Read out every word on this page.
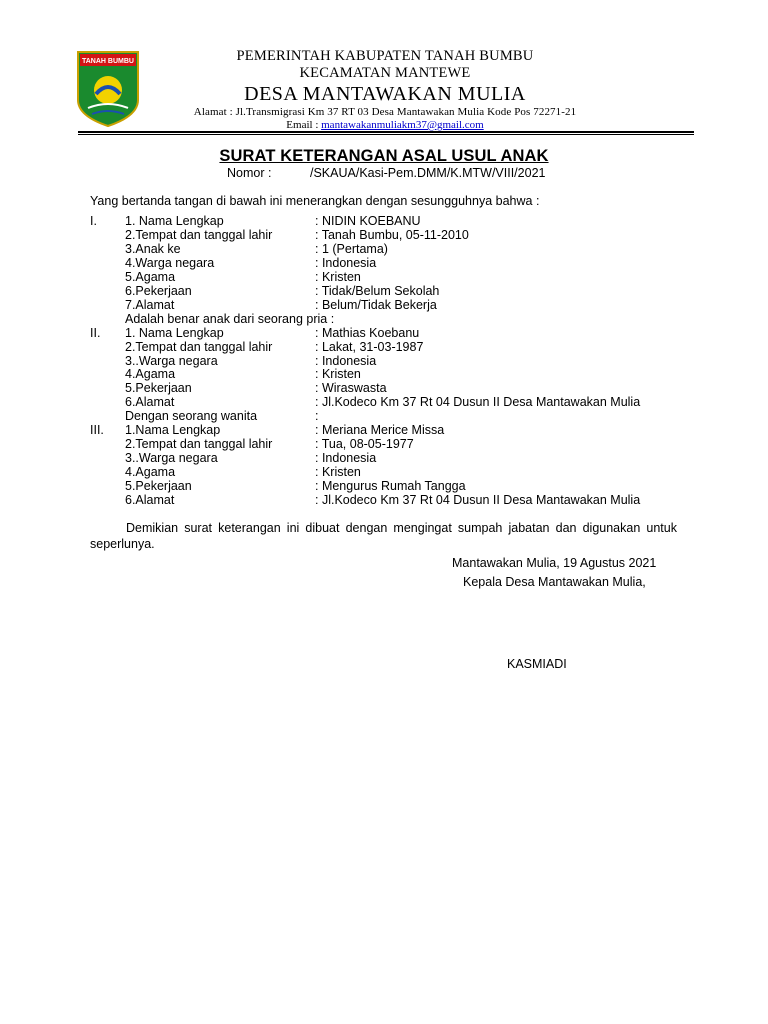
TANAH BUMBU	PEMERINTAH KABUPATEN TANAH BUMBU
KECAMATAN MANTEWE
DESA MANTAWAKAN MULIA
Alamat : Jl.Transmigrasi Km 37 RT 03 Desa Mantawakan Mulia Kode Pos 72271-21
Email : mantawakanmuliakm37@gmail.com
SURAT KETERANGAN ASAL USUL ANAK
Nomor :	/SKAUA/Kasi-Pem.DMM/K.MTW/VIII/2021
Yang bertanda tangan di bawah ini menerangkan dengan sesungguhnya bahwa :
I. 1. Nama Lengkap	: NIDIN KOEBANU
2.Tempat dan tanggal lahir	: Tanah Bumbu, 05-11-2010
3.Anak ke	: 1 (Pertama)
4.Warga negara	: Indonesia
5.Agama	: Kristen
6.Pekerjaan	: Tidak/Belum Sekolah
7.Alamat	: Belum/Tidak Bekerja
Adalah benar anak dari seorang pria :
II. 1. Nama Lengkap	: Mathias Koebanu
2.Tempat dan tanggal lahir	: Lakat, 31-03-1987
3..Warga negara	: Indonesia
4.Agama	: Kristen
5.Pekerjaan	: Wiraswasta
6.Alamat	: Jl.Kodeco Km 37 Rt 04 Dusun II Desa Mantawakan Mulia
Dengan seorang wanita	:
III. 1.Nama Lengkap	: Meriana Merice Missa
2.Tempat dan tanggal lahir	: Tua, 08-05-1977
3..Warga negara	: Indonesia
4.Agama	: Kristen
5.Pekerjaan	: Mengurus Rumah Tangga
6.Alamat	: Jl.Kodeco Km 37 Rt 04 Dusun II Desa Mantawakan Mulia
Demikian surat keterangan ini dibuat dengan mengingat sumpah jabatan dan digunakan untuk seperlunya.
Mantawakan Mulia, 19 Agustus 2021
Kepala Desa Mantawakan Mulia,
KASMIADI
